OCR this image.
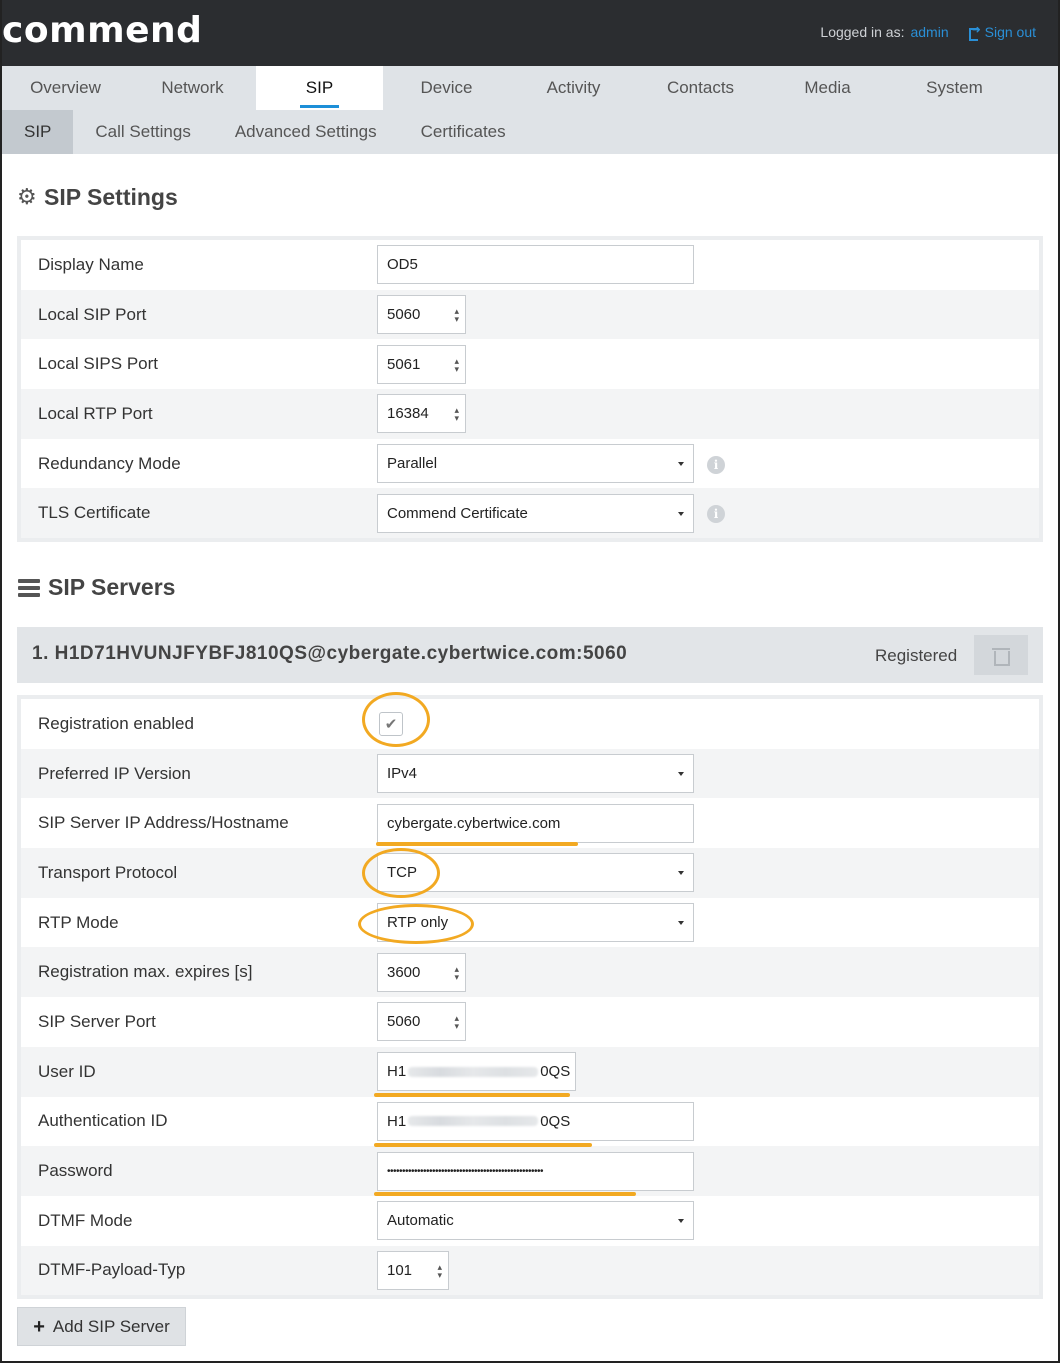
commend	Logged in as: admin
➜	Sign out
Overview	Network	SIP	Device	Activity	Contacts	Media	System
SIP	Call Settings	Advanced Settings	Certificates
⚙
SIP Settings
Display Name	OD5
Local SIP Port	5060	▴
▾
Local SIPS Port	5061	▴
▾
Local RTP Port	16384	▴
▾
Redundancy Mode	Parallel	i
TLS Certificate	Commend Certificate	i
SIP Servers
1. H1D71HVUNJFYBFJ810QS@cybergate.cybertwice.com:5060	Registered
Registration enabled	✔
Preferred IP Version	IPv4
SIP Server IP Address/Hostname	cybergate.cybertwice.com
Transport Protocol	TCP
RTP Mode	RTP only
Registration max. expires [s]	3600	▴
▾
SIP Server Port	5060	▴
▾
User ID	H1	0QS
Authentication ID	H1	0QS
Password	••••••••••••••••••••••••••••••••••••••••••••••••••••
DTMF Mode	Automatic
DTMF-Payload-Typ	101	▴
▾
+ Add SIP Server
